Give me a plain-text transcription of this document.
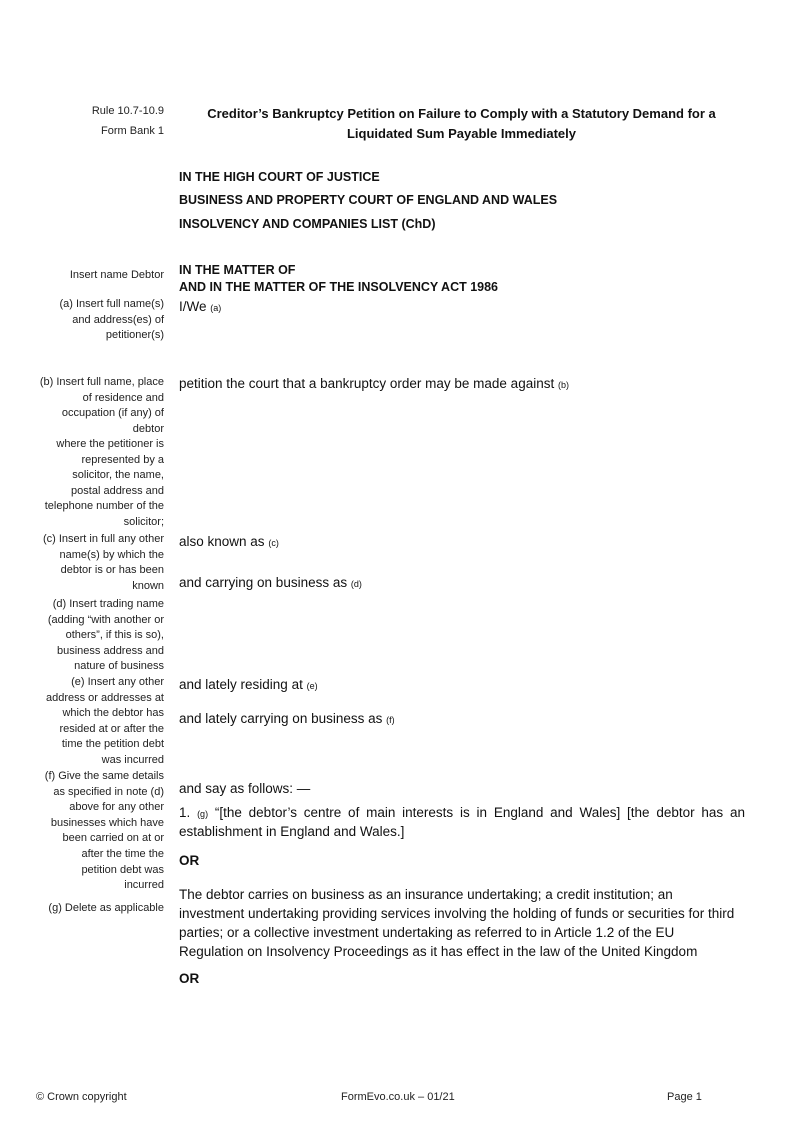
Rule 10.7-10.9
Form Bank 1
Creditor’s Bankruptcy Petition on Failure to Comply with a Statutory Demand for a
Liquidated Sum Payable Immediately
IN THE HIGH COURT OF JUSTICE
BUSINESS AND PROPERTY COURT OF ENGLAND AND WALES
INSOLVENCY AND COMPANIES LIST (ChD)
Insert name Debtor IN THE MATTER OF
AND IN THE MATTER OF THE INSOLVENCY ACT 1986
(a) Insert full name(s)
and address(es) of
petitioner(s)
I/We (a)
(b) Insert full name, place
of residence and
occupation (if any) of
debtor
petition the court that a bankruptcy order may be made against (b)
where the petitioner is
represented by a
solicitor, the name,
postal address and
telephone number of the
solicitor;
(c) Insert in full any other
name(s) by which the
debtor is or has been
known
also known as (c)
and carrying on business as (d)
(d) Insert trading name
(adding “with another or
others”, if this is so),
business address and
nature of business
(e) Insert any other
address or addresses at
which the debtor has
resided at or after the
time the petition debt
was incurred
and lately residing at (e)
and lately carrying on business as (f)
(f) Give the same details
as specified in note (d)
above for any other
businesses which have
been carried on at or
after the time the
petition debt was
incurred
and say as follows: —
1. (g) “[the debtor’s centre of main interests is in England and Wales] [the debtor has an
establishment in England and Wales.]
OR
(g) Delete as applicable
The debtor carries on business as an insurance undertaking; a credit institution; an
investment undertaking providing services involving the holding of funds or securities for third
parties; or a collective investment undertaking as referred to in Article 1.2 of the EU
Regulation on Insolvency Proceedings as it has effect in the law of the United Kingdom
OR
© Crown copyright	FormEvo.co.uk – 01/21	Page 1
